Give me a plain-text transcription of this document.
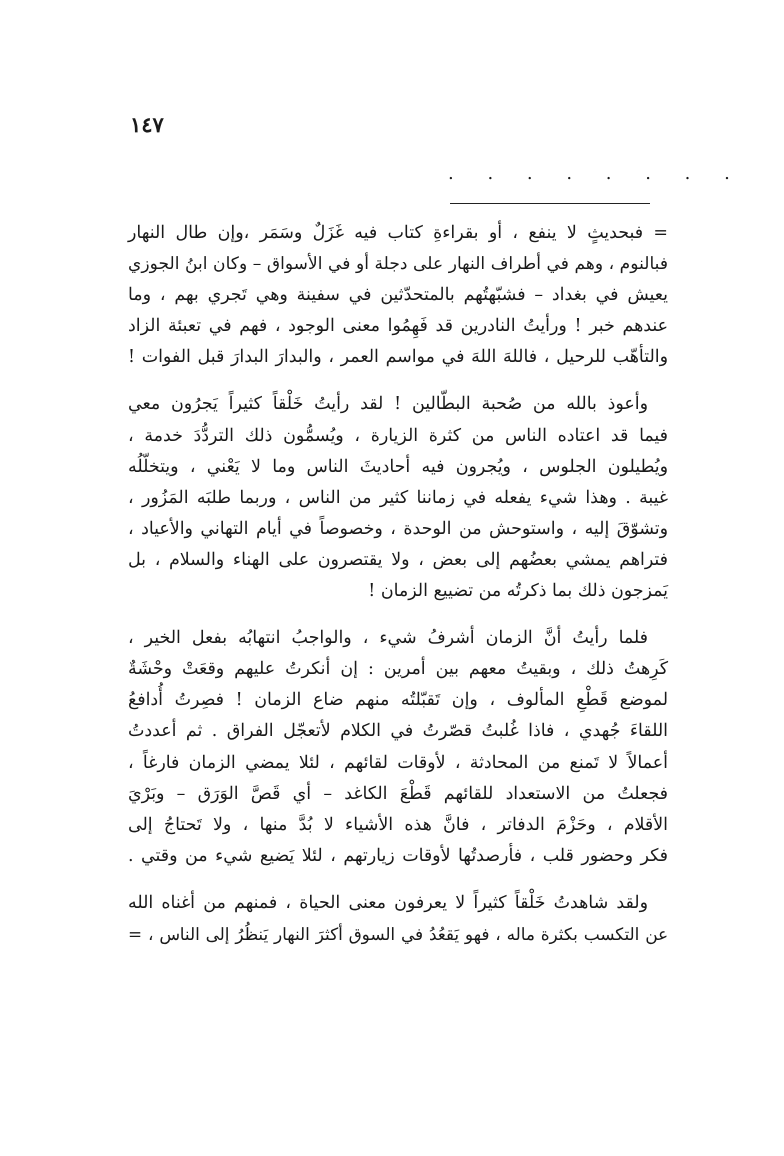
١٤٧
. . . . . . . .
= فبحديثٍ لا ينفع ، أو بقراءةِ كتاب فيه غَزَلٌ وسَمَر ،وإن طال النهار
فبالنوم ، وهم في أطراف النهار على دجلة أو في الأسواق – وكان ابنُ الجوزي
يعيش في بغداد – فشبّهتُهم بالمتحدّثين في سفينة وهي تَجري بهم ، وما
عندهم خبر ! ورأيتُ النادرين قد فَهِمُوا معنى الوجود ، فهم في تعبئة الزاد
والتأهّب للرحيل ، فاللهَ اللهَ في مواسم العمر ، والبدارَ البدارَ قبل الفوات !
وأعوذ بالله من صُحبة البطّالين ! لقد رأيتُ خَلْقاً كثيراً يَجرُون معي
فيما قد اعتاده الناس من كثرة الزيارة ، ويُسمُّون ذلك التردُّدَ خدمة ،
ويُطيلون الجلوس ، ويُجرون فيه أحاديثَ الناس وما لا يَعْني ، ويتخلّلُه
غيبة . وهذا شيء يفعله في زماننا كثير من الناس ، وربما طلبَه المَزُور ،
وتشوّقَ إليه ، واستوحش من الوحدة ، وخصوصاً في أيام التهاني والأعياد ،
فتراهم يمشي بعضُهم إلى بعض ، ولا يقتصرون على الهناء والسلام ، بل
يَمزجون ذلك بما ذكرتُه من تضييع الزمان !
فلما رأيتُ أنَّ الزمان أشرفُ شيء ، والواجبُ انتهابُه بفعل الخير ،
كَرِهتُ ذلك ، وبقيتُ معهم بين أمرين : إن أنكرتُ عليهم وقعَتْ وحْشَةٌ
لموضع قَطْعِ المألوف ، وإن تَقبّلتُه منهم ضاع الزمان ! فصِرتُ أُدافعُ
اللقاءَ جُهدي ، فاذا غُلبتُ قصّرتُ في الكلام لأتعجّل الفراق . ثم أعددتُ
أعمالاً لا تَمنع من المحادثة ، لأوقات لقائهم ، لئلا يمضي الزمان فارغاً ،
فجعلتُ من الاستعداد للقائهم قَطْعَ الكاغد – أي قَصَّ الوَرَق – وبَرْيَ
الأقلام ، وحَزْمَ الدفاتر ، فانَّ هذه الأشياء لا بُدَّ منها ، ولا تَحتاجُ إلى
فكر وحضور قلب ، فأرصدتُها لأوقات زيارتهم ، لئلا يَضيع شيء من وقتي .
ولقد شاهدتُ خَلْقاً كثيراً لا يعرفون معنى الحياة ، فمنهم من أغناه الله
عن التكسب بكثرة ماله ، فهو يَقعُدُ في السوق أكثرَ النهار يَنظُرُ إلى الناس ، =
